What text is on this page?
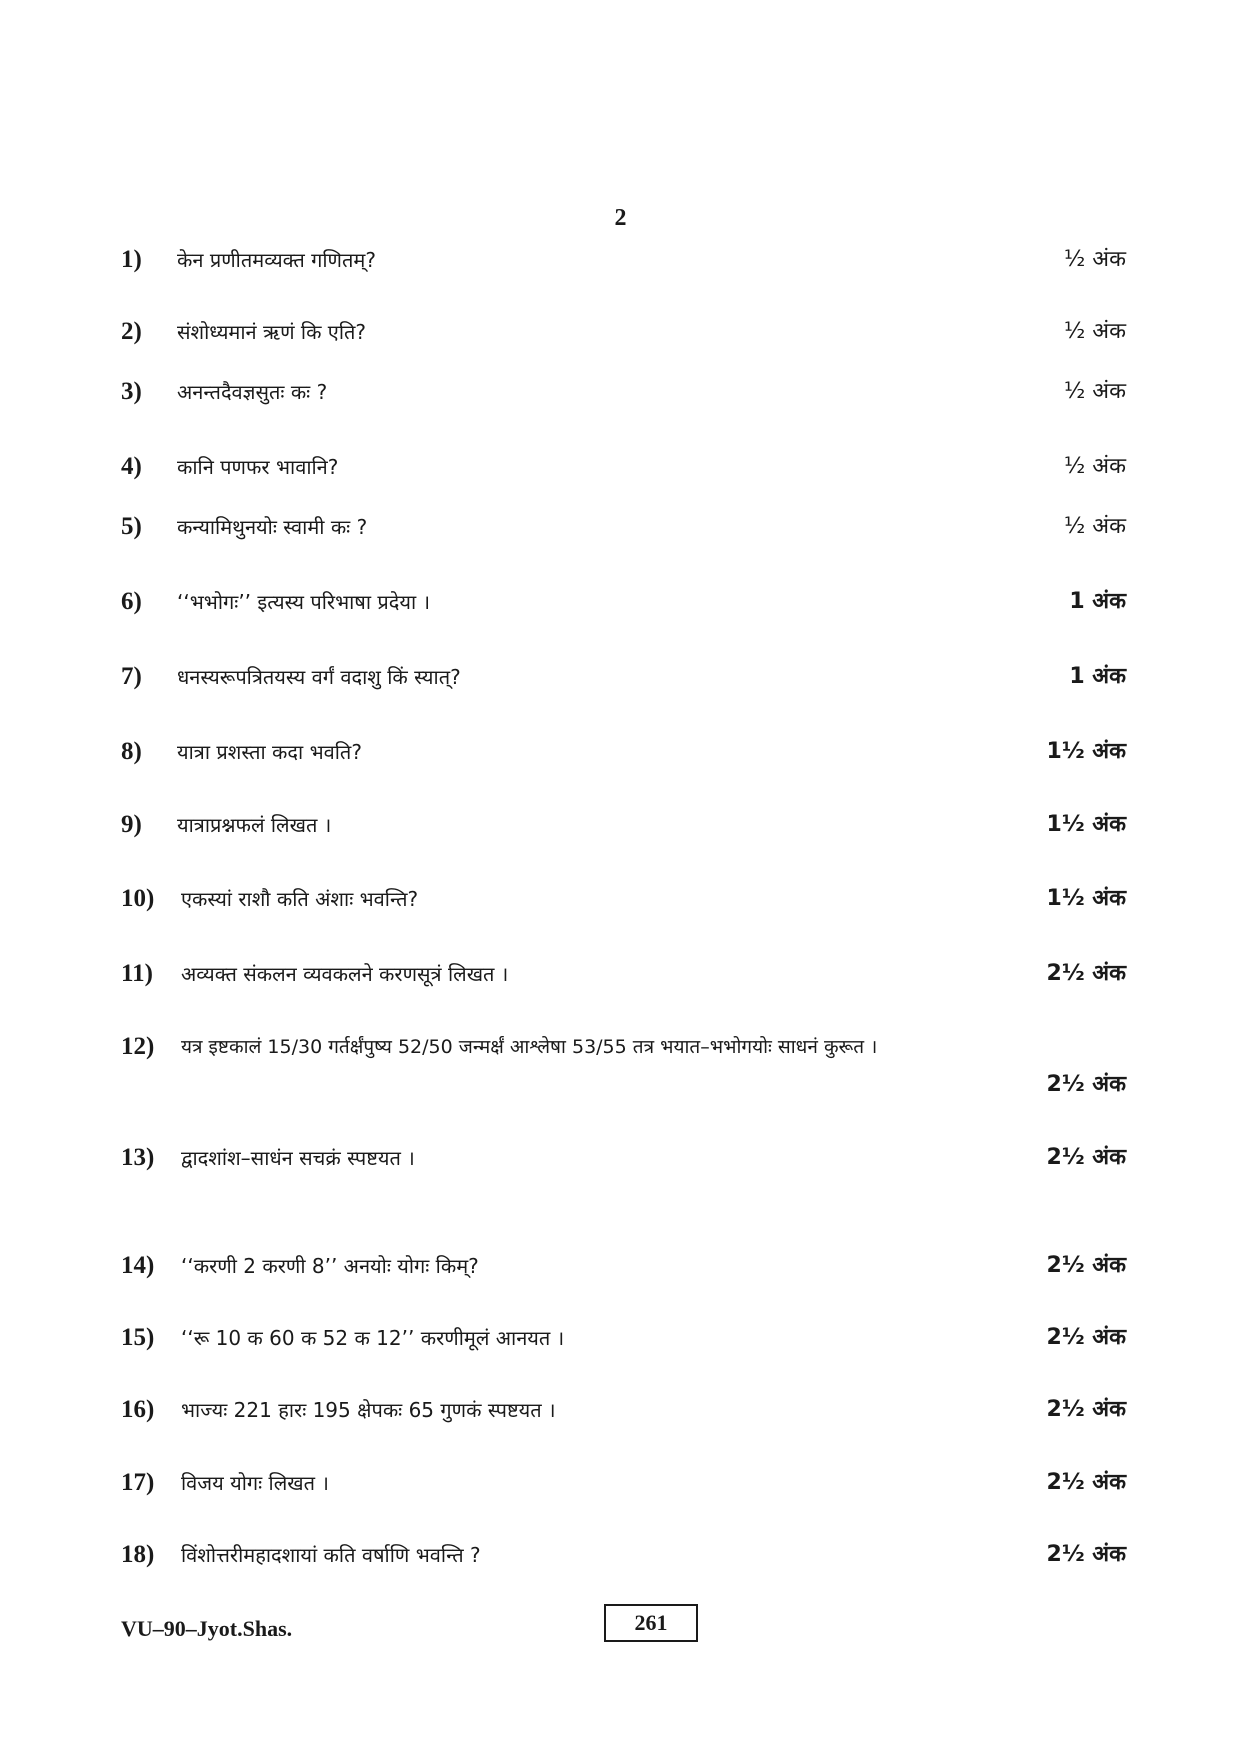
2
1) केन प्रणीतमव्यक्त गणितम्?	½ अंक
2) संशोध्यमानं ऋणं कि एति?	½ अंक
3) अनन्तदैवज्ञसुतः कः ?	½ अंक
4) कानि पणफर भावानि?	½ अंक
5) कन्यामिथुनयोः स्वामी कः ?	½ अंक
6) ‘‘भभोगः’’ इत्यस्य परिभाषा प्रदेया ।	1 अंक
7) धनस्यरूपत्रितयस्य वर्गं वदाशु किं स्यात्?	1 अंक
8) यात्रा प्रशस्ता कदा भवति?	1½ अंक
9) यात्राप्रश्नफलं लिखत ।	1½ अंक
10) एकस्यां राशौ कति अंशाः भवन्ति?	1½ अंक
11) अव्यक्त संकलन व्यवकलने करणसूत्रं लिखत ।	2½ अंक
12) यत्र इष्टकालं 15/30 गर्तर्क्षंपुष्य 52/50 जन्मर्क्षं आश्लेषा 53/55 तत्र भयात–भभोगयोः साधनं कुरूत ।
2½ अंक
13) द्वादशांश–साधंन सचक्रं स्पष्टयत ।	2½ अंक
14) ‘‘करणी 2 करणी 8’’ अनयोः योगः किम्?	2½ अंक
15) ‘‘रू 10 क 60 क 52 क 12’’ करणीमूलं आनयत ।	2½ अंक
16) भाज्यः 221 हारः 195 क्षेपकः 65 गुणकं स्पष्टयत ।	2½ अंक
17) विजय योगः लिखत ।	2½ अंक
18) विंशोत्तरीमहादशायां कति वर्षाणि भवन्ति ?	2½ अंक
VU–90–Jyot.Shas.	261
